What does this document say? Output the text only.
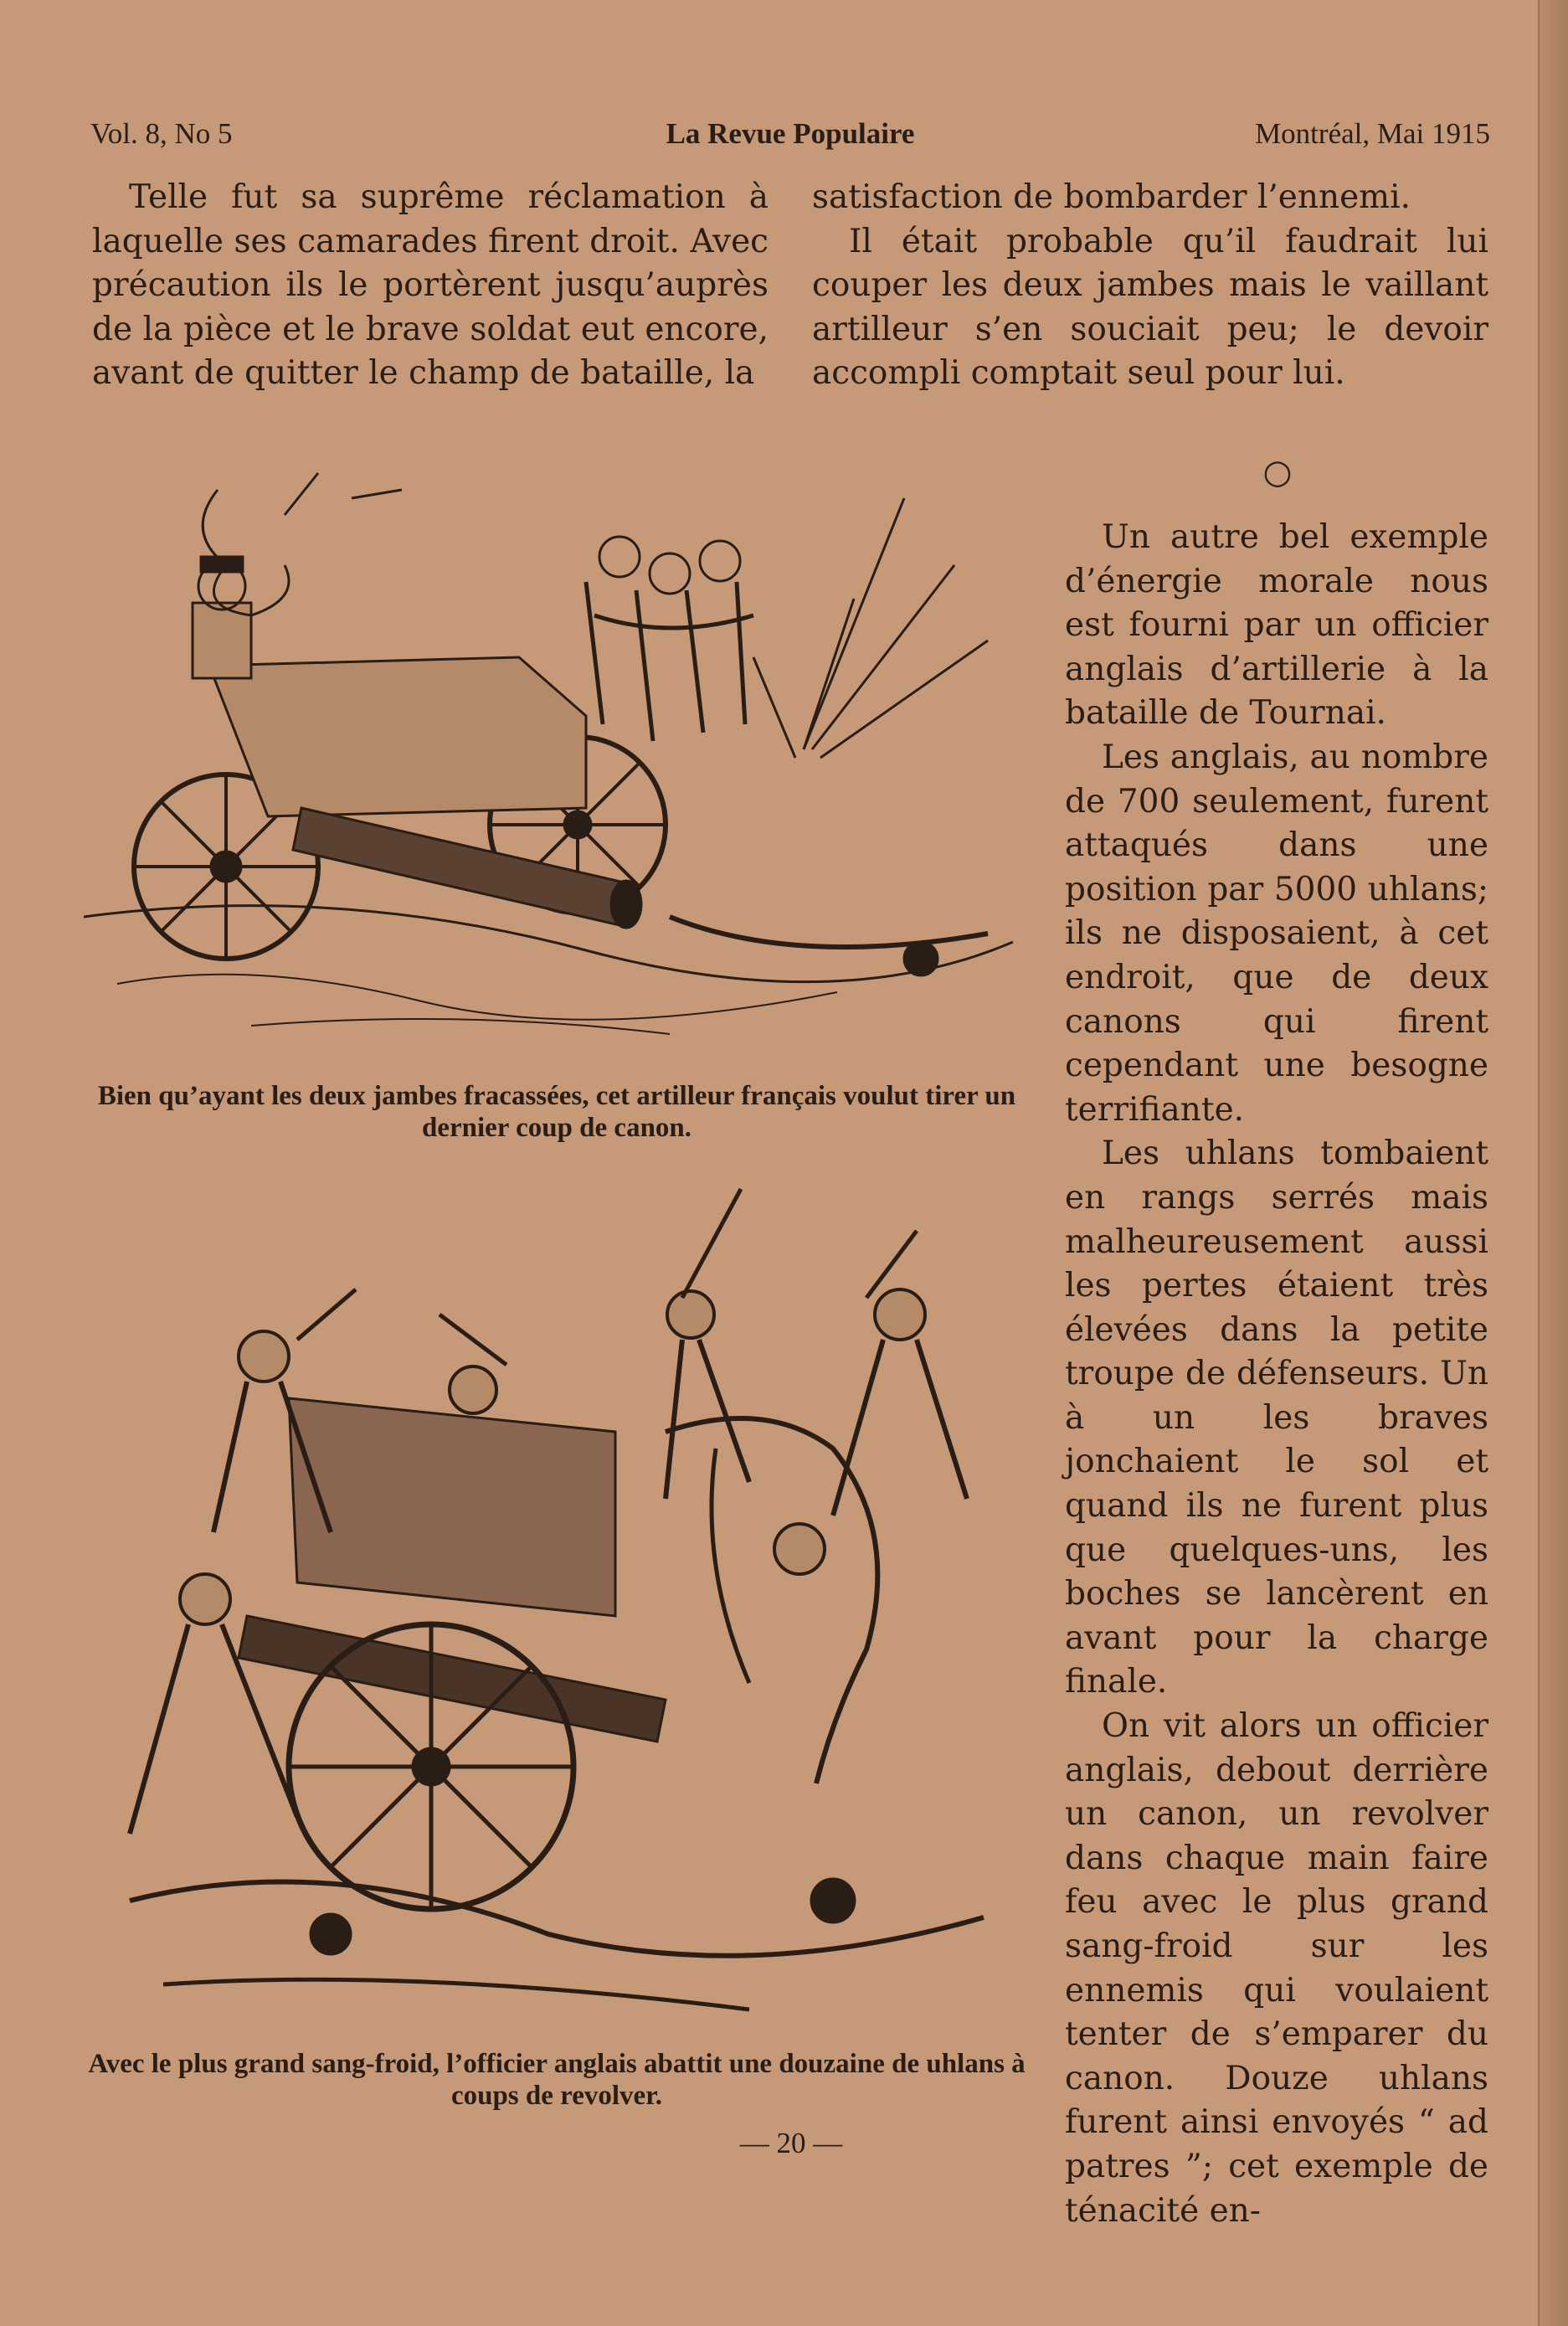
Vol. 8, No 5	La Revue Populaire	Montréal, Mai 1915

Telle fut sa suprême réclamation à laquelle ses camarades firent droit. Avec précaution ils le portèrent jusqu’auprès de la pièce et le brave soldat eut encore, avant de quitter le champ de bataille, la

satisfaction de bombarder l’ennemi.

Il était probable qu’il faudrait lui couper les deux jambes mais le vaillant artilleur s’en souciait peu; le devoir accompli comptait seul pour lui.

○
Bien qu’ayant les deux jambes fracassées, cet artilleur français voulut tirer un dernier coup de canon.
Avec le plus grand sang-froid, l’officier anglais abattit une douzaine de uhlans à coups de revolver.

Un autre bel exemple d’énergie morale nous est fourni par un officier anglais d’artillerie à la bataille de Tournai.

Les anglais, au nombre de 700 seulement, furent attaqués dans une position par 5000 uhlans; ils ne disposaient, à cet endroit, que de deux canons qui firent cependant une besogne terrifiante.

Les uhlans tombaient en rangs serrés mais malheureusement aussi les pertes étaient très élevées dans la petite troupe de défenseurs. Un à un les braves jonchaient le sol et quand ils ne furent plus que quelques-uns, les boches se lancèrent en avant pour la charge finale.

On vit alors un officier anglais, debout derrière un canon, un revolver dans chaque main faire feu avec le plus grand sang-froid sur les ennemis qui voulaient tenter de s’emparer du canon. Douze uhlans furent ainsi envoyés “ ad patres ”; cet exemple de ténacité en-

— 20 —
